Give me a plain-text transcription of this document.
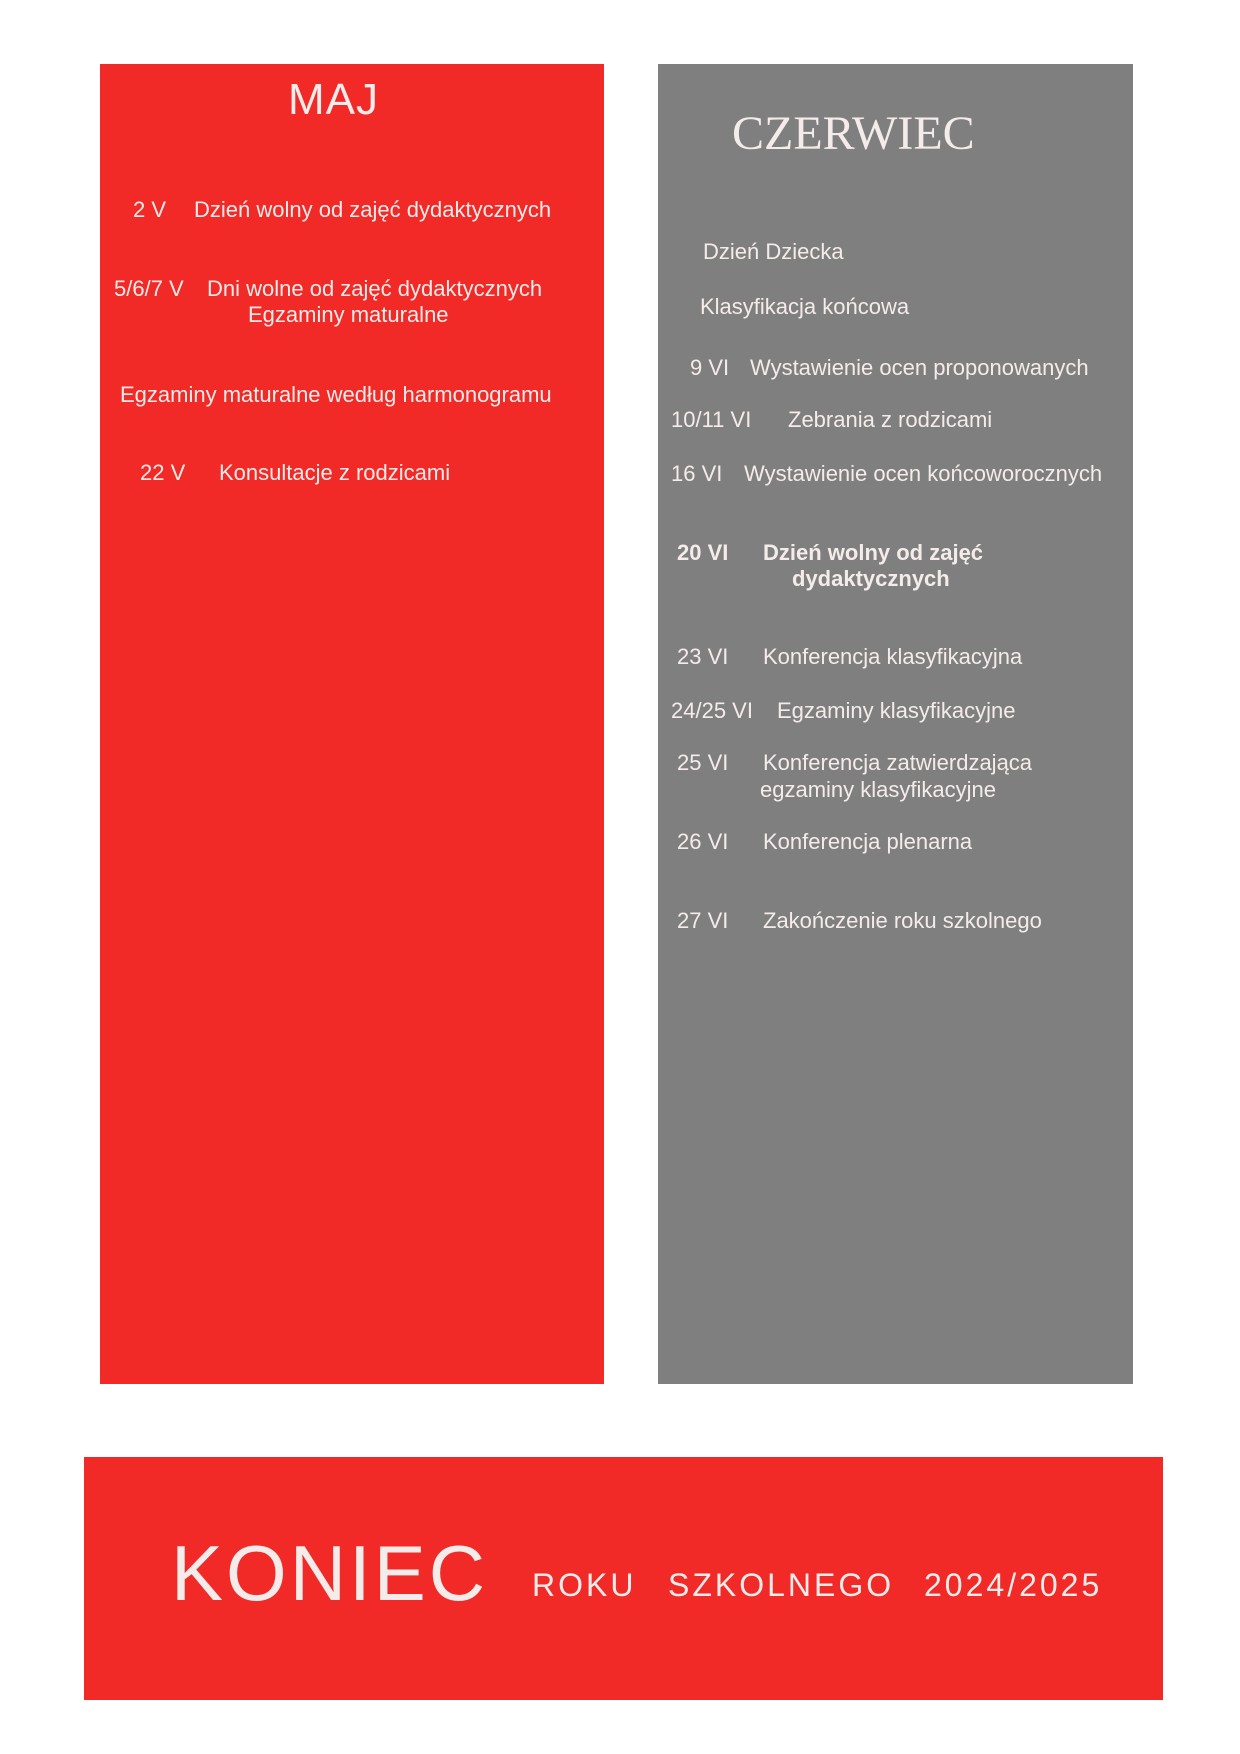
MAJ
2 V Dzień wolny od zajęć dydaktycznych
5/6/7 V Dni wolne od zajęć dydaktycznych
Egzaminy maturalne
Egzaminy maturalne według harmonogramu
22 V Konsultacje z rodzicami
CZERWIEC
Dzień Dziecka
Klasyfikacja końcowa
9 VI Wystawienie ocen proponowanych
10/11 VI Zebrania z rodzicami
16 VI Wystawienie ocen końcoworocznych
20 VI Dzień wolny od zajęć
dydaktycznych
23 VI Konferencja klasyfikacyjna
24/25 VI Egzaminy klasyfikacyjne
25 VI Konferencja zatwierdzająca
egzaminy klasyfikacyjne
26 VI Konferencja plenarna
27 VI Zakończenie roku szkolnego
KONIEC ROKU SZKOLNEGO 2024/2025
